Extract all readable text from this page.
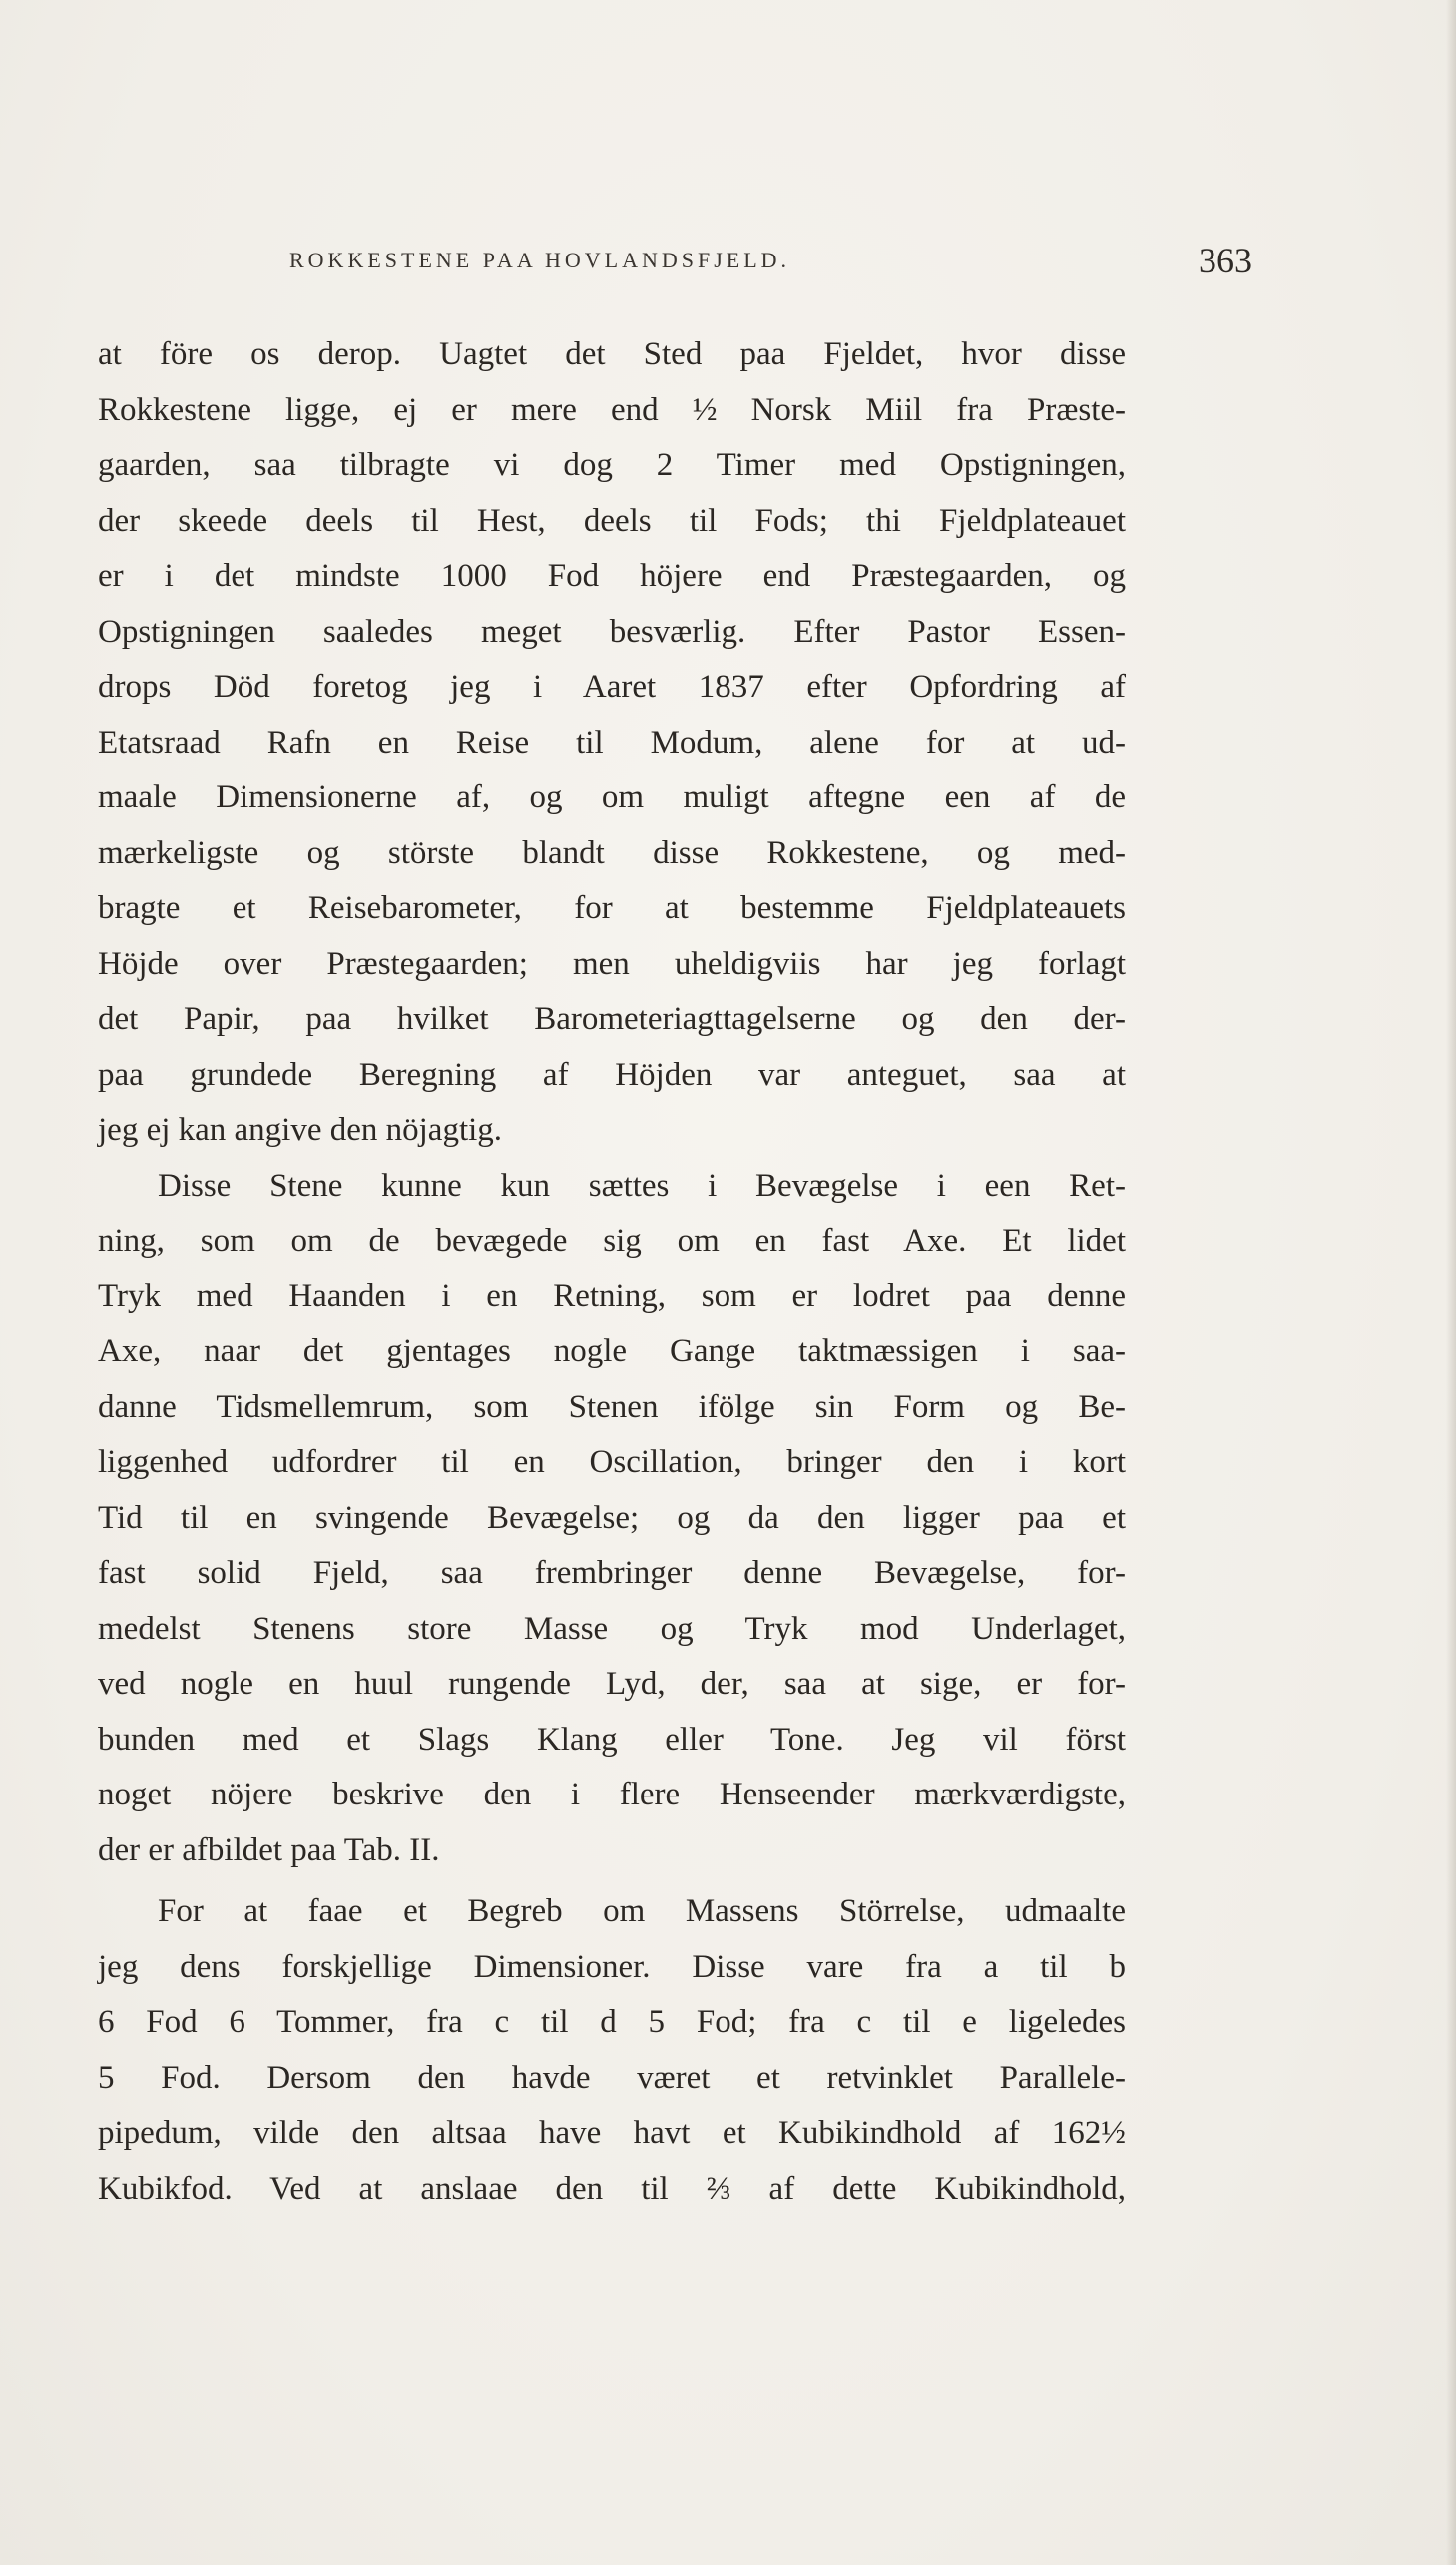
ROKKESTENE PAA HOVLANDSFJELD.	363
at före os derop. Uagtet det Sted paa Fjeldet, hvor disse
Rokkestene ligge, ej er mere end ½ Norsk Miil fra Præste-
gaarden, saa tilbragte vi dog 2 Timer med Opstigningen,
der skeede deels til Hest, deels til Fods; thi Fjeldplateauet
er i det mindste 1000 Fod höjere end Præstegaarden, og
Opstigningen saaledes meget besværlig. Efter Pastor Essen-
drops Död foretog jeg i Aaret 1837 efter Opfordring af
Etatsraad Rafn en Reise til Modum, alene for at ud-
maale Dimensionerne af, og om muligt aftegne een af de
mærkeligste og störste blandt disse Rokkestene, og med-
bragte et Reisebarometer, for at bestemme Fjeldplateauets
Höjde over Præstegaarden; men uheldigviis har jeg forlagt
det Papir, paa hvilket Barometeriagttagelserne og den der-
paa grundede Beregning af Höjden var anteguet, saa at
jeg ej kan angive den nöjagtig.
Disse Stene kunne kun sættes i Bevægelse i een Ret-
ning, som om de bevægede sig om en fast Axe. Et lidet
Tryk med Haanden i en Retning, som er lodret paa denne
Axe, naar det gjentages nogle Gange taktmæssigen i saa-
danne Tidsmellemrum, som Stenen ifölge sin Form og Be-
liggenhed udfordrer til en Oscillation, bringer den i kort
Tid til en svingende Bevægelse; og da den ligger paa et
fast solid Fjeld, saa frembringer denne Bevægelse, for-
medelst Stenens store Masse og Tryk mod Underlaget,
ved nogle en huul rungende Lyd, der, saa at sige, er for-
bunden med et Slags Klang eller Tone. Jeg vil först
noget nöjere beskrive den i flere Henseender mærkværdigste,
der er afbildet paa Tab. II.
For at faae et Begreb om Massens Störrelse, udmaalte
jeg dens forskjellige Dimensioner. Disse vare fra a til b
6 Fod 6 Tommer, fra c til d 5 Fod; fra c til e ligeledes
5 Fod. Dersom den havde været et retvinklet Parallele-
pipedum, vilde den altsaa have havt et Kubikindhold af 162½
Kubikfod. Ved at anslaae den til ⅔ af dette Kubikindhold,
